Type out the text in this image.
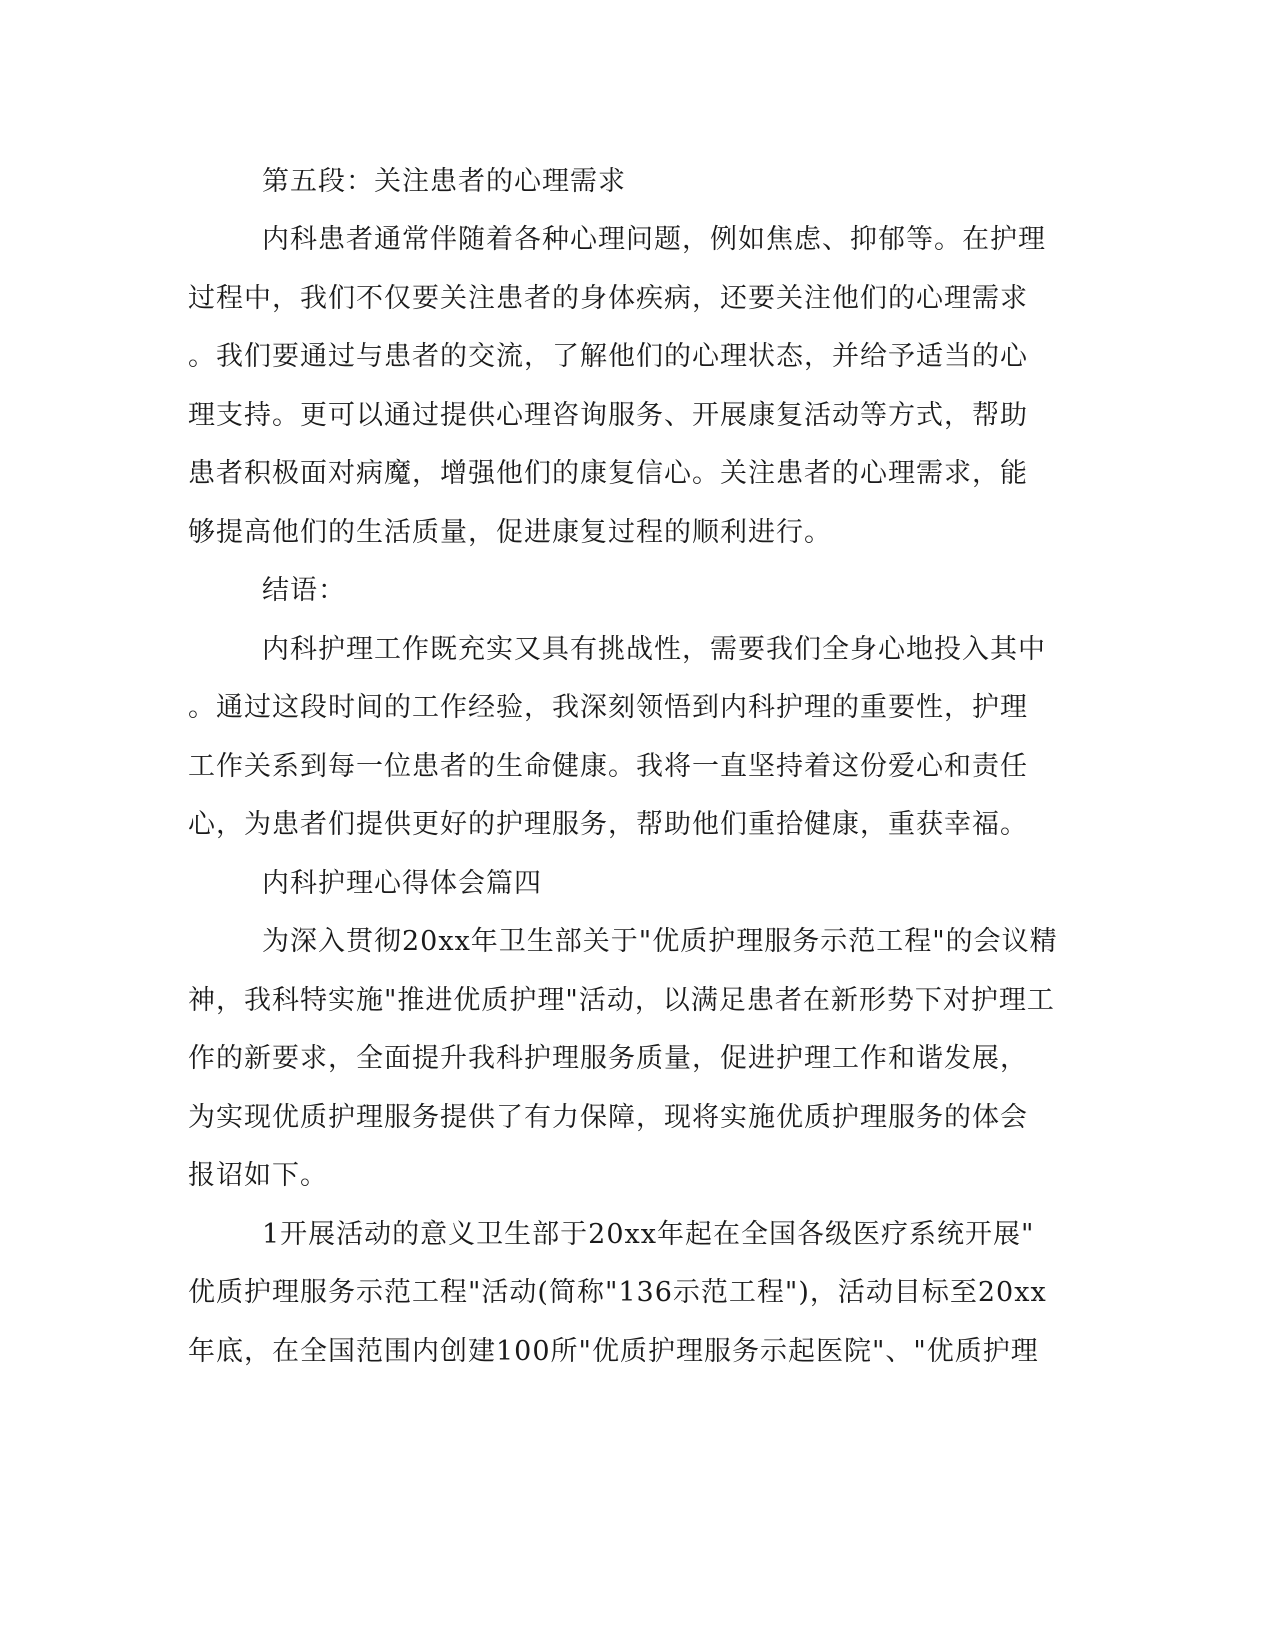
第五段：关注患者的心理需求
内科患者通常伴随着各种心理问题，例如焦虑、抑郁等。在护理
过程中，我们不仅要关注患者的身体疾病，还要关注他们的心理需求
。我们要通过与患者的交流，了解他们的心理状态，并给予适当的心
理支持。更可以通过提供心理咨询服务、开展康复活动等方式，帮助
患者积极面对病魔，增强他们的康复信心。关注患者的心理需求，能
够提高他们的生活质量，促进康复过程的顺利进行。
结语：
内科护理工作既充实又具有挑战性，需要我们全身心地投入其中
。通过这段时间的工作经验，我深刻领悟到内科护理的重要性，护理
工作关系到每一位患者的生命健康。我将一直坚持着这份爱心和责任
心，为患者们提供更好的护理服务，帮助他们重拾健康，重获幸福。
内科护理心得体会篇四
为深入贯彻20xx年卫生部关于"优质护理服务示范工程"的会议精
神，我科特实施"推进优质护理"活动，以满足患者在新形势下对护理工
作的新要求，全面提升我科护理服务质量，促进护理工作和谐发展，
为实现优质护理服务提供了有力保障，现将实施优质护理服务的体会
报诏如下。
1开展活动的意义卫生部于20xx年起在全国各级医疗系统开展"
优质护理服务示范工程"活动(简称"136示范工程")，活动目标至20xx
年底，在全国范围内创建100所"优质护理服务示起医院"、"优质护理
